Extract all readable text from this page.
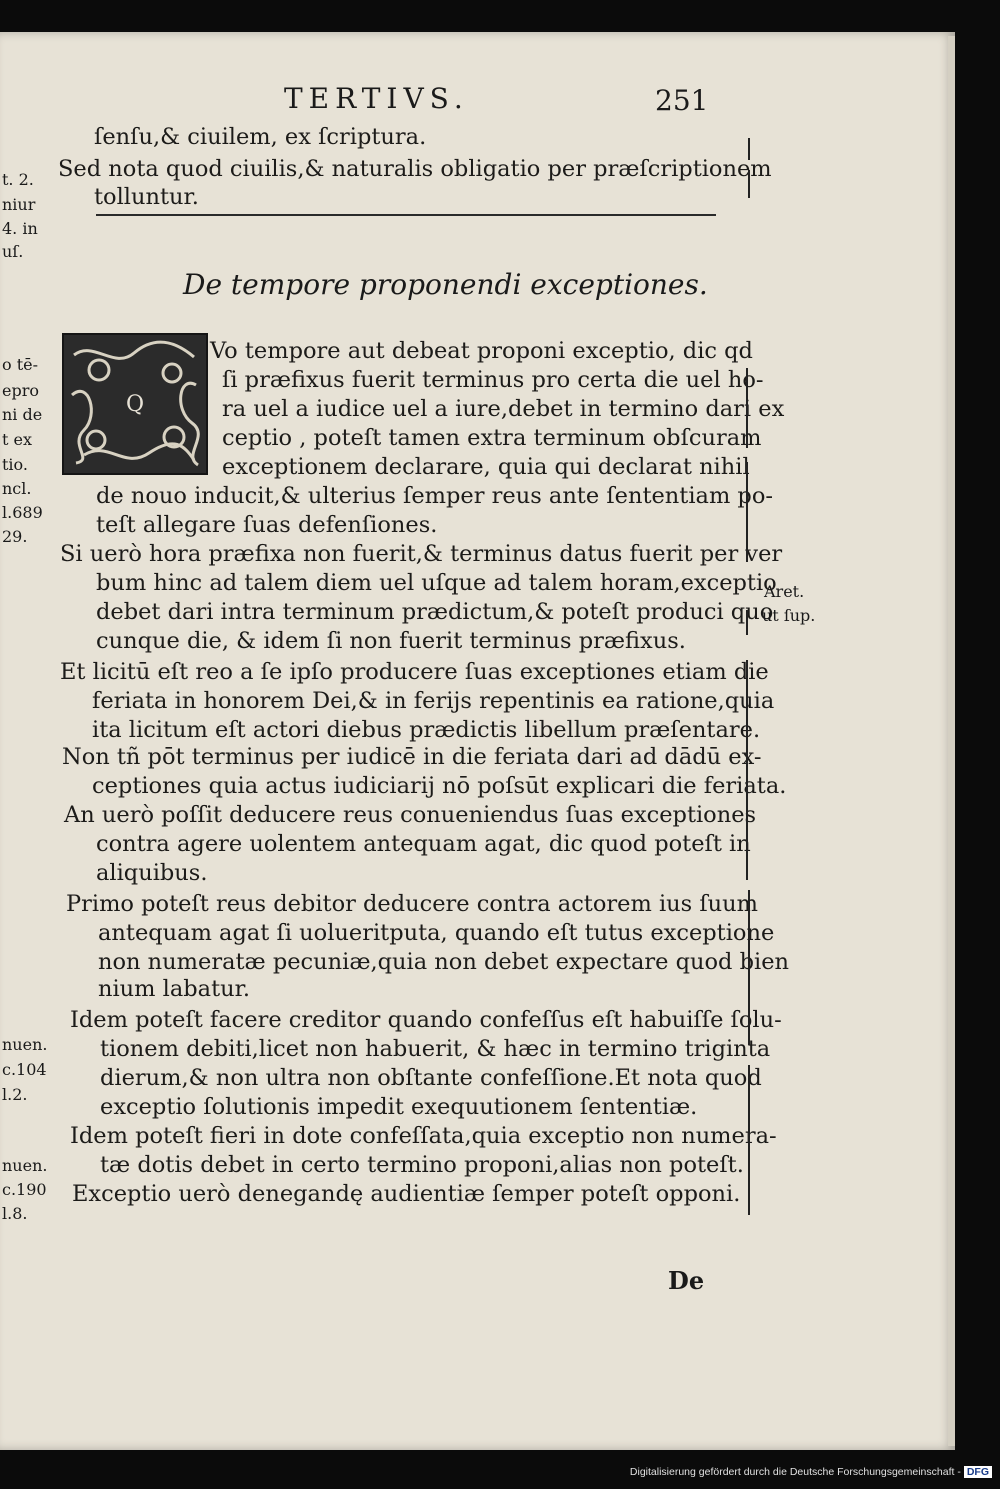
TERTIVS.	251
ſenſu,& ciuilem, ex ſcriptura.
Sed nota quod ciuilis,& naturalis obligatio per præſcriptionem
tolluntur.
De tempore proponendi exceptiones.
Q
Vo tempore aut debeat proponi exceptio, dic qd
ſi præfixus fuerit terminus pro certa die uel ho-
ra uel a iudice uel a iure,debet in termino dari ex
ceptio , poteſt tamen extra terminum obſcuram
exceptionem declarare, quia qui declarat nihil
de nouo inducit,& ulterius ſemper reus ante ſententiam po-
teſt allegare ſuas defenſiones.
Si uerò hora præfixa non fuerit,& terminus datus fuerit per ver
bum hinc ad talem diem uel uſque ad talem horam,exceptio
debet dari intra terminum prædictum,& poteſt produci quo
cunque die, & idem ſi non fuerit terminus præfixus.
Et licitū eſt reo a ſe ipſo producere ſuas exceptiones etiam die
feriata in honorem Dei,& in ferijs repentinis ea ratione,quia
ita licitum eſt actori diebus prædictis libellum præſentare.
Non tñ pōt terminus per iudicē in die feriata dari ad dādū ex-
ceptiones quia actus iudiciarij nō poſsūt explicari die feriata.
An uerò poſſit deducere reus conueniendus ſuas exceptiones
contra agere uolentem antequam agat, dic quod poteſt in
aliquibus.
Primo poteſt reus debitor deducere contra actorem ius ſuum
antequam agat ſi uolueritputa, quando eſt tutus exceptione
non numeratæ pecuniæ,quia non debet expectare quod bien
nium labatur.
Idem poteſt facere creditor quando confeſſus eſt habuiſſe ſolu-
tionem debiti,licet non habuerit, & hæc in termino triginta
dierum,& non ultra non obſtante confeſſione.Et nota quod
exceptio ſolutionis impedit exequutionem ſententiæ.
Idem poteſt fieri in dote confeſſata,quia exceptio non numera-
tæ dotis debet in certo termino proponi,alias non poteſt.
Exceptio uerò denegandę audientiæ ſemper poteſt opponi.
t. 2.
niur
4. in
uſ.
o tē-
epro
ni de
t ex
tio.
ncl.
l.689
29.
nuen.
c.104
l.2.
nuen.
c.190
l.8.
Aret.
ut ſup.
De
Digitalisierung gefördert durch die Deutsche Forschungsgemeinschaft - DFG
